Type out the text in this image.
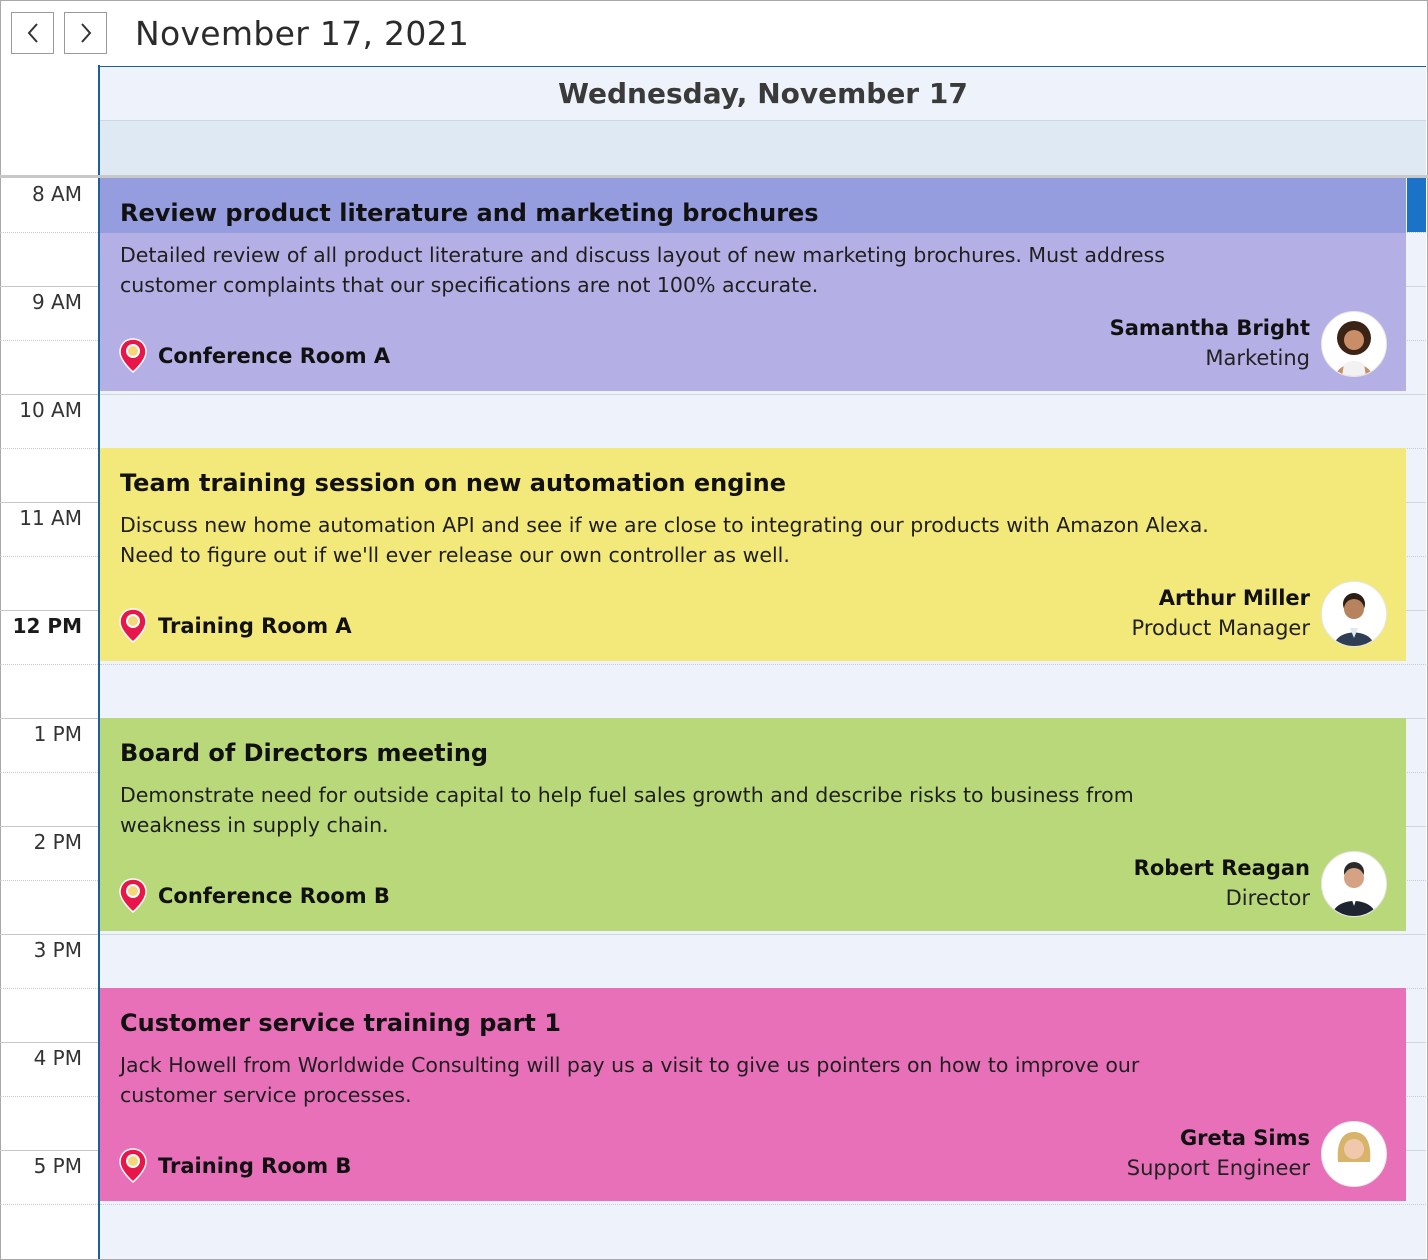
November 17, 2021
Wednesday, November 17
8 AM
9 AM
10 AM
11 AM
12 PM
1 PM
2 PM
3 PM
4 PM
5 PM
Review product literature and marketing brochures
Detailed review of all product literature and discuss layout of new marketing brochures. Must address customer complaints that our specifications are not 100% accurate.
Conference Room A
Samantha Bright
Marketing
Team training session on new automation engine
Discuss new home automation API and see if we are close to integrating our products with Amazon Alexa. Need to figure out if we'll ever release our own controller as well.
Training Room A
Arthur Miller
Product Manager
Board of Directors meeting
Demonstrate need for outside capital to help fuel sales growth and describe risks to business from weakness in supply chain.
Conference Room B
Robert Reagan
Director
Customer service training part 1
Jack Howell from Worldwide Consulting will pay us a visit to give us pointers on how to improve our customer service processes.
Training Room B
Greta Sims
Support Engineer
